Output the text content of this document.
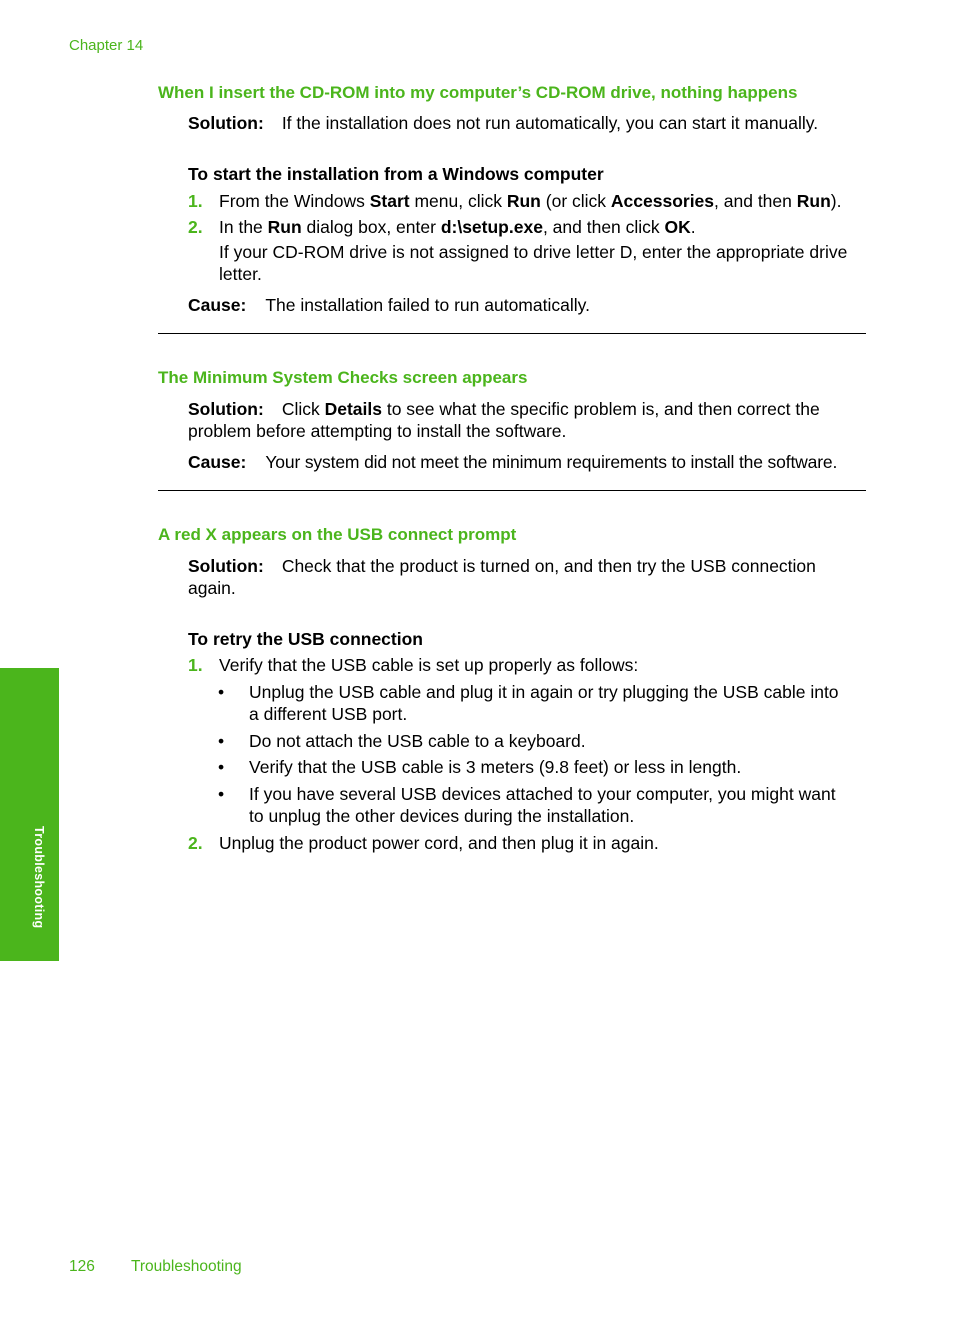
Chapter 14
When I insert the CD-ROM into my computer’s CD-ROM drive, nothing happens
Solution: If the installation does not run automatically, you can start it manually.
To start the installation from a Windows computer
1. From the Windows Start menu, click Run (or click Accessories, and then Run).
2. In the Run dialog box, enter d:\setup.exe, and then click OK.
If your CD-ROM drive is not assigned to drive letter D, enter the appropriate drive
letter.
Cause: The installation failed to run automatically.
The Minimum System Checks screen appears
Solution: Click Details to see what the specific problem is, and then correct the
problem before attempting to install the software.
Cause: Your system did not meet the minimum requirements to install the software.
A red X appears on the USB connect prompt
Solution: Check that the product is turned on, and then try the USB connection
again.
To retry the USB connection
1. Verify that the USB cable is set up properly as follows:
• Unplug the USB cable and plug it in again or try plugging the USB cable into
a different USB port.
• Do not attach the USB cable to a keyboard.
• Verify that the USB cable is 3 meters (9.8 feet) or less in length.
• If you have several USB devices attached to your computer, you might want
to unplug the other devices during the installation.
2. Unplug the product power cord, and then plug it in again.
Troubleshooting
126 Troubleshooting
